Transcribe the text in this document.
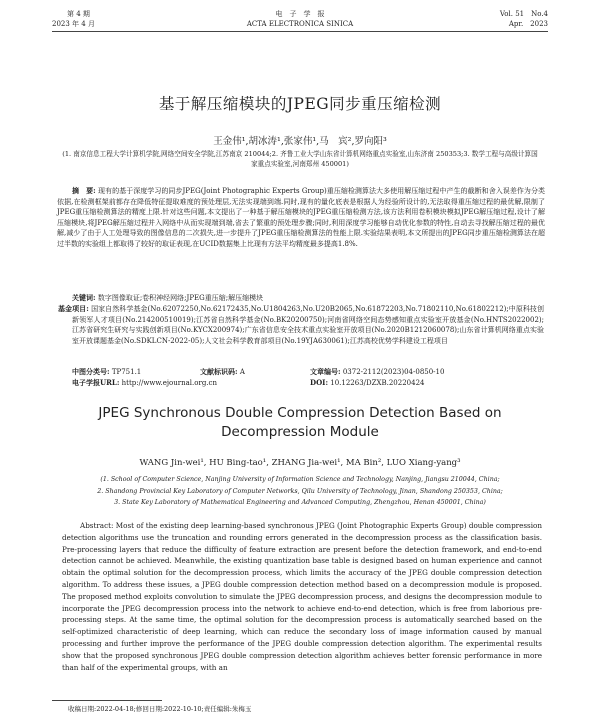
第 4 期
2023 年 4 月
电　子　学　报
ACTA ELECTRONICA SINICA
Vol. 51　No.4
Apr.　2023
基于解压缩模块的JPEG同步重压缩检测
王金伟¹,胡冰涛¹,张家伟¹,马　宾²,罗向阳³
(1. 南京信息工程大学计算机学院,网络空间安全学院,江苏南京 210044;2. 齐鲁工业大学山东省计算机网络重点实验室,山东济南 250353;3. 数学工程与高级计算国家重点实验室,河南郑州 450001)
摘　要: 现有的基于深度学习的同步JPEG(Joint Photographic Experts Group)重压缩检测算法大多使用解压缩过程中产生的截断和舍入误差作为分类依据,在检测框架前都存在降低特征提取难度的预处理层,无法实现端到端.同时,现有的量化底表是根据人为经验所设计的,无法取得重压缩过程的最优解,限制了JPEG重压缩检测算法的精度上限.针对这些问题,本文提出了一种基于解压缩模块的JPEG重压缩检测方法,该方法利用卷积模块模拟JPEG解压缩过程,设计了解压缩模块,将JPEG解压缩过程并入网络中从而实现端到端,省去了繁重的预处理步骤;同时,利用深度学习能够自动优化参数的特性,自动去寻找解压缩过程的最优解,减少了由于人工处理导致的图像信息的二次损失,进一步提升了JPEG重压缩检测算法的性能上限.实验结果表明,本文所提出的JPEG同步重压缩检测算法在超过半数的实验组上都取得了较好的取证表现,在UCID数据集上比现有方法平均精度最多提高1.8%.
关键词: 数字图像取证;卷积神经网络;JPEG重压缩;解压缩模块
基金项目: 国家自然科学基金(No.62072250,No.62172435,No.U1804263,No.U20B2065,No.61872203,No.71802110,No.61802212);中原科技创新领军人才项目(No.214200510019);江苏省自然科学基金(No.BK20200750);河南省网络空间态势感知重点实验室开放基金(No.HNTS2022002);江苏省研究生研究与实践创新项目(No.KYCX200974);广东省信息安全技术重点实验室开放项目(No.2020B1212060078);山东省计算机网络重点实验室开放课题基金(No.SDKLCN-2022-05);人文社会科学教育部项目(No.19YJA630061);江苏高校优势学科建设工程项目
中图分类号: TP751.1	文献标识码: A	文章编号: 0372-2112(2023)04-0850-10
电子学报URL: http://www.ejournal.org.cn	DOI: 10.12263/DZXB.20220424
JPEG Synchronous Double Compression Detection Based on Decompression Module
WANG Jin-wei¹, HU Bing-tao¹, ZHANG Jia-wei¹, MA Bin², LUO Xiang-yang³
(1. School of Computer Science, Nanjing University of Information Science and Technology, Nanjing, Jiangsu 210044, China;
2. Shandong Provincial Key Laboratory of Computer Networks, Qilu University of Technology, Jinan, Shandong 250353, China;
3. State Key Laboratory of Mathematical Engineering and Advanced Computing, Zhengzhou, Henan 450001, China)
Abstract: Most of the existing deep learning-based synchronous JPEG (Joint Photographic Experts Group) double compression detection algorithms use the truncation and rounding errors generated in the decompression process as the classification basis. Pre-processing layers that reduce the difficulty of feature extraction are present before the detection framework, and end-to-end detection cannot be achieved. Meanwhile, the existing quantization base table is designed based on human experience and cannot obtain the optimal solution for the decompression process, which limits the accuracy of the JPEG double compression detection algorithm. To address these issues, a JPEG double compression detection method based on a decompression module is proposed. The proposed method exploits convolution to simulate the JPEG decompression process, and designs the decompression module to incorporate the JPEG decompression process into the network to achieve end-to-end detection, which is free from laborious pre-processing steps. At the same time, the optimal solution for the decompression process is automatically searched based on the self-optimized characteristic of deep learning, which can reduce the secondary loss of image information caused by manual processing and further improve the performance of the JPEG double compression detection algorithm. The experimental results show that the proposed synchronous JPEG double compression detection algorithm achieves better forensic performance in more than half of the experimental groups, with an
收稿日期:2022-04-18;修回日期:2022-10-10;责任编辑:朱梅玉
